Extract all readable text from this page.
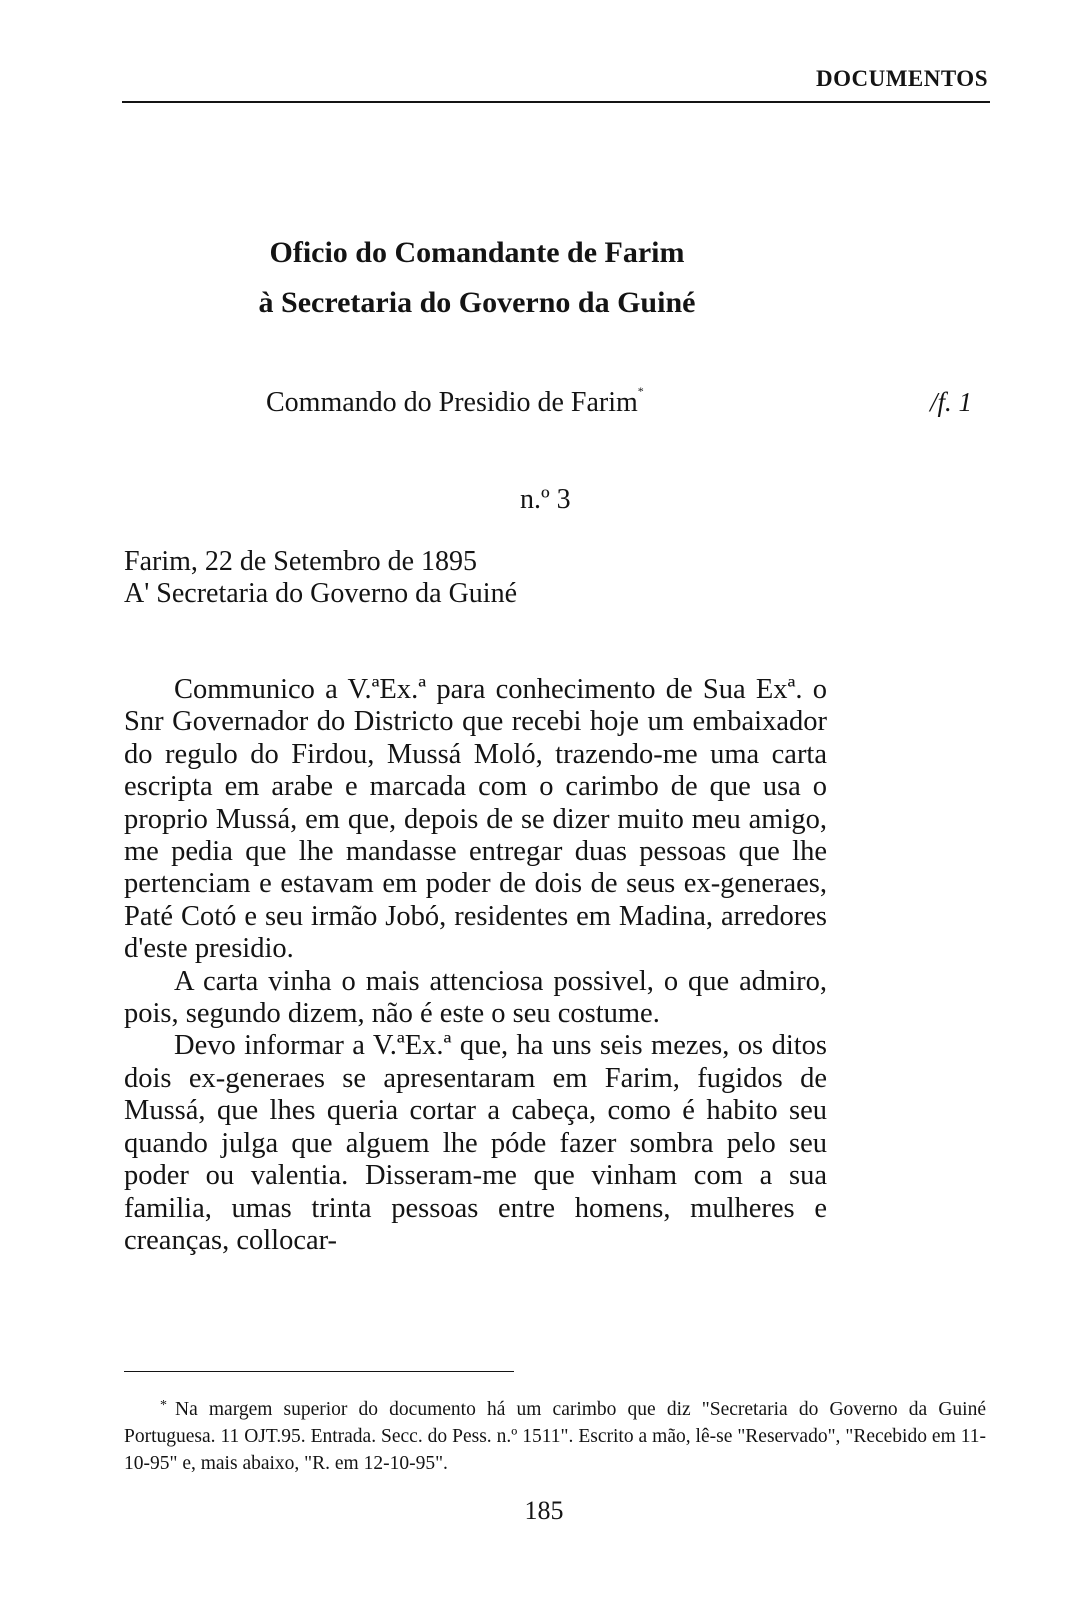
DOCUMENTOS
Oficio do Comandante de Farim
à Secretaria do Governo da Guiné
Commando do Presidio de Farim*	/f. 1
n.º 3
Farim, 22 de Setembro de 1895
A' Secretaria do Governo da Guiné

Communico a V.ªEx.ª para conhecimento de Sua Exª. o Snr Governador do Districto que recebi hoje um embaixador do regulo do Firdou, Mussá Moló, trazendo-me uma carta escripta em arabe e marcada com o carimbo de que usa o proprio Mussá, em que, depois de se dizer muito meu amigo, me pedia que lhe mandasse entregar duas pessoas que lhe pertenciam e estavam em poder de dois de seus ex-generaes, Paté Cotó e seu irmão Jobó, residentes em Madina, arredores d'este presidio.

A carta vinha o mais attenciosa possivel, o que admiro, pois, segundo dizem, não é este o seu costume.

Devo informar a V.ªEx.ª que, ha uns seis mezes, os ditos dois ex-generaes se apresentaram em Farim, fugidos de Mussá, que lhes queria cortar a cabeça, como é habito seu quando julga que alguem lhe póde fazer sombra pelo seu poder ou valentia. Disseram-me que vinham com a sua familia, umas trinta pessoas entre homens, mulheres e creanças, collocar-

* Na margem superior do documento há um carimbo que diz "Secretaria do Governo da Guiné Portuguesa. 11 OJT.95. Entrada. Secc. do Pess. n.º 1511". Escrito a mão, lê-se "Reservado", "Recebido em 11-10-95" e, mais abaixo, "R. em 12-10-95".
185
